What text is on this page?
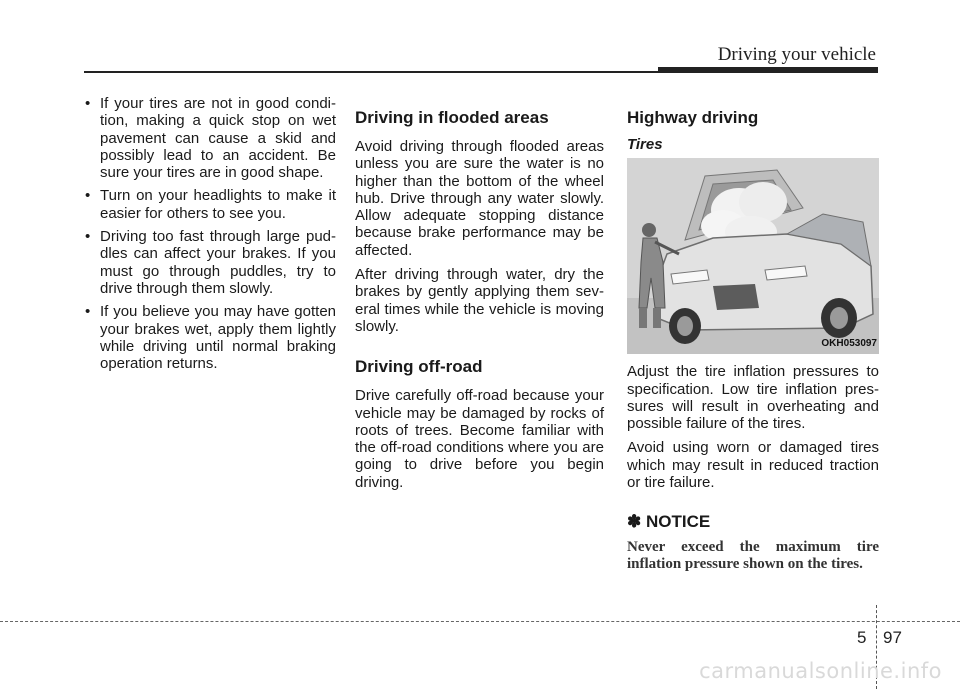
Driving your vehicle
• If your tires are not in good condi-tion, making a quick stop on wet pavement can cause a skid and possibly lead to an accident. Be sure your tires are in good shape.
• Turn on your headlights to make it easier for others to see you.
• Driving too fast through large pud-dles can affect your brakes. If you must go through puddles, try to drive through them slowly.
• If you believe you may have gotten your brakes wet, apply them lightly while driving until normal braking operation returns.
Driving in flooded areas

Avoid driving through flooded areas unless you are sure the water is no higher than the bottom of the wheel hub. Drive through any water slowly. Allow adequate stopping distance because brake performance may be affected.

After driving through water, dry the brakes by gently applying them sev-eral times while the vehicle is moving slowly.

Driving off-road

Drive carefully off-road because your vehicle may be damaged by rocks of roots of trees. Become familiar with the off-road conditions where you are going to drive before you begin driving.

Highway driving
Tires
OKH053097

Adjust the tire inflation pressures to specification. Low tire inflation pres-sures will result in overheating and possible failure of the tires.

Avoid using worn or damaged tires which may result in reduced traction or tire failure.

✽ NOTICE
Never exceed the maximum tire inflation pressure shown on the tires.
5 97
carmanualsonline.info
